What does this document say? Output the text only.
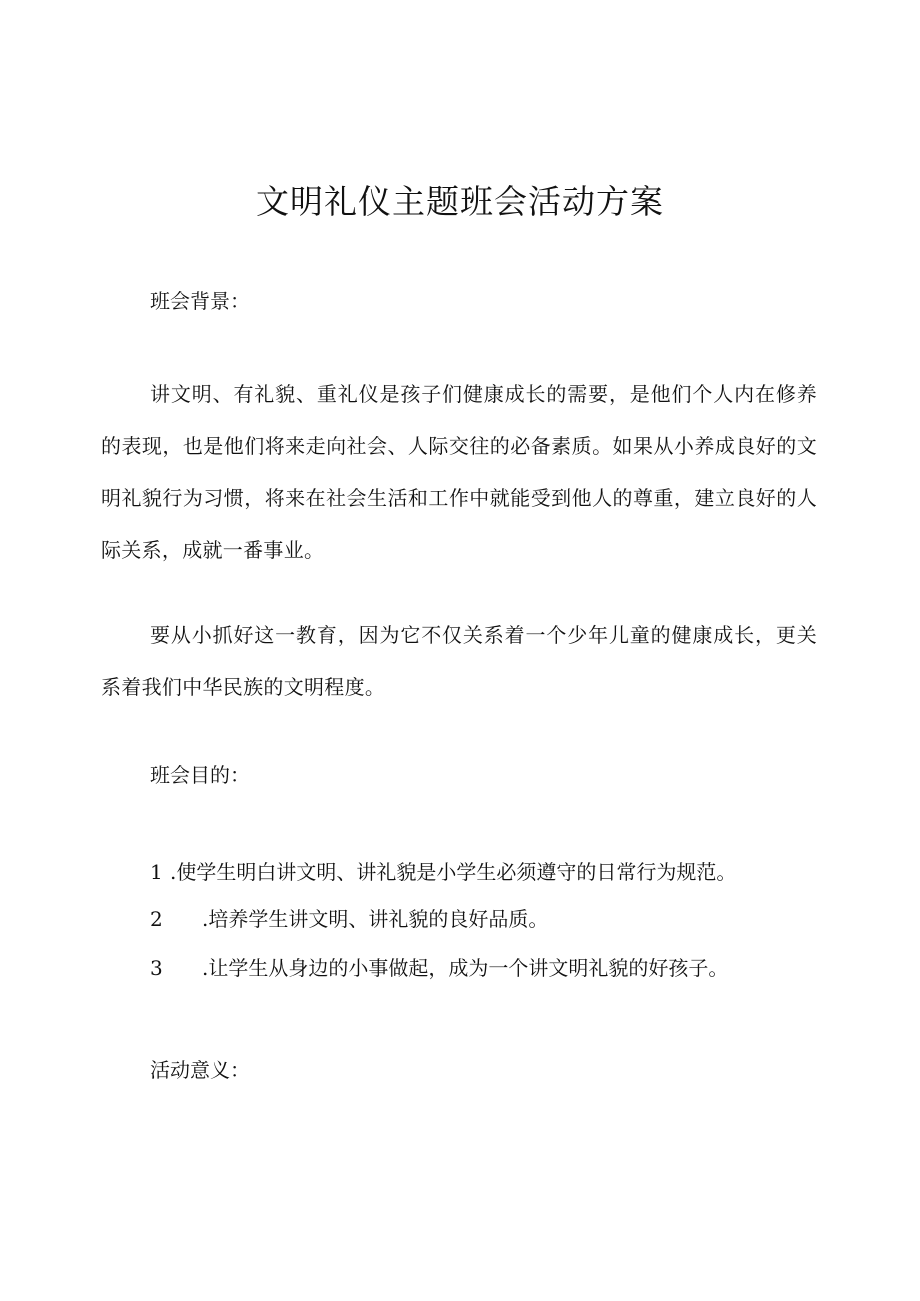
文明礼仪主题班会活动方案
班会背景：
讲文明、有礼貌、重礼仪是孩子们健康成长的需要，是他们个人内在修养的表现，也是他们将来走向社会、人际交往的必备素质。如果从小养成良好的文明礼貌行为习惯，将来在社会生活和工作中就能受到他人的尊重，建立良好的人际关系，成就一番事业。
要从小抓好这一教育，因为它不仅关系着一个少年儿童的健康成长，更关系着我们中华民族的文明程度。
班会目的：
1 .使学生明白讲文明、讲礼貌是小学生必须遵守的日常行为规范。
2 .培养学生讲文明、讲礼貌的良好品质。
3 .让学生从身边的小事做起，成为一个讲文明礼貌的好孩子。
活动意义：
